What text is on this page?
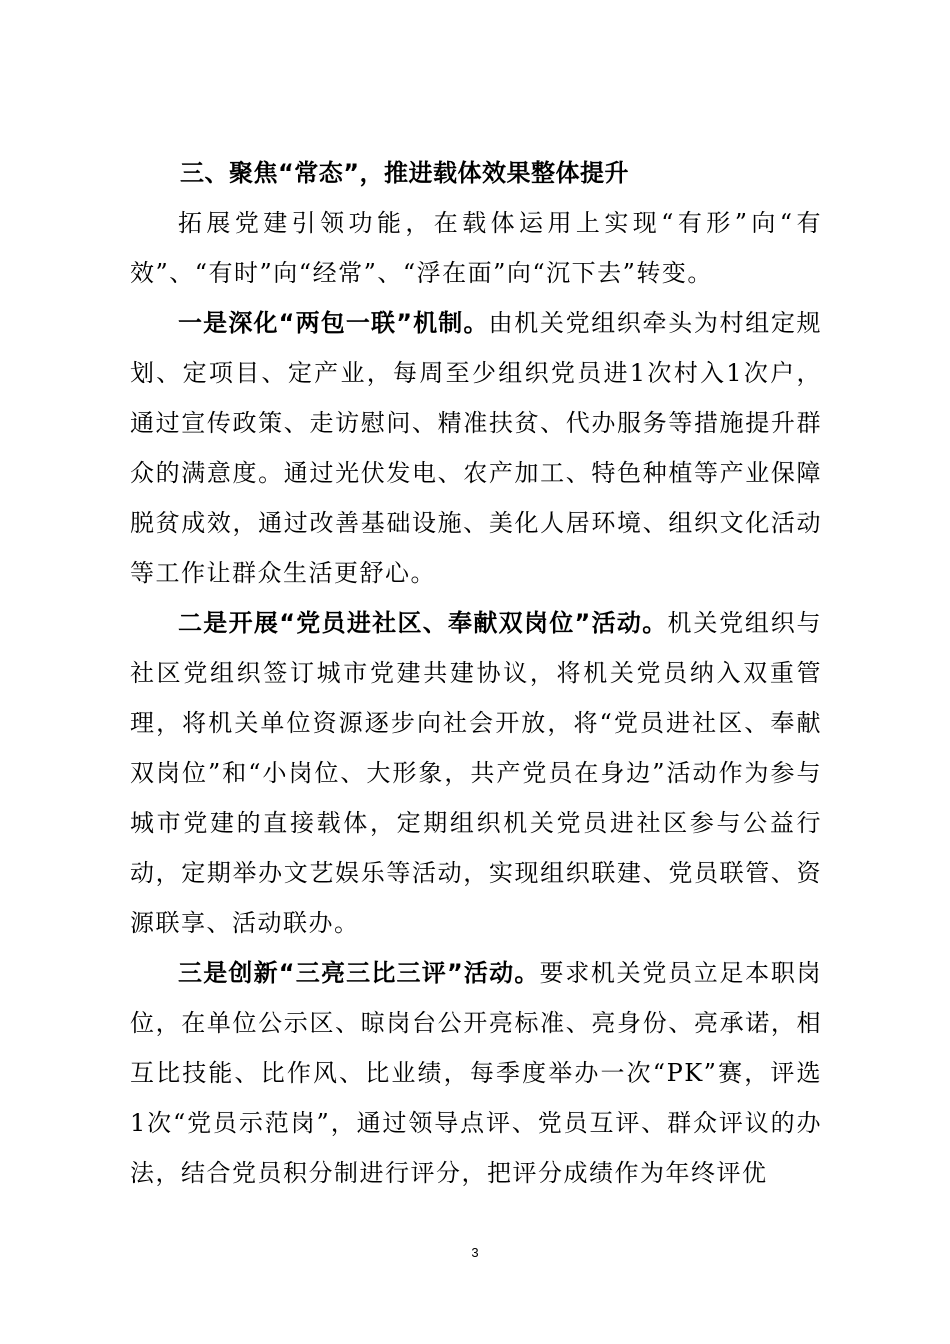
三、聚焦“常态”，推进载体效果整体提升

拓展党建引领功能，在载体运用上实现“有形”向“有效”、“有时”向“经常”、“浮在面”向“沉下去”转变。

一是深化“两包一联”机制。由机关党组织牵头为村组定规划、定项目、定产业，每周至少组织党员进1次村入1次户，通过宣传政策、走访慰问、精准扶贫、代办服务等措施提升群众的满意度。通过光伏发电、农产加工、特色种植等产业保障脱贫成效，通过改善基础设施、美化人居环境、组织文化活动等工作让群众生活更舒心。

二是开展“党员进社区、奉献双岗位”活动。机关党组织与社区党组织签订城市党建共建协议，将机关党员纳入双重管理，将机关单位资源逐步向社会开放，将“党员进社区、奉献双岗位”和“小岗位、大形象，共产党员在身边”活动作为参与城市党建的直接载体，定期组织机关党员进社区参与公益行动，定期举办文艺娱乐等活动，实现组织联建、党员联管、资源联享、活动联办。

三是创新“三亮三比三评”活动。要求机关党员立足本职岗位，在单位公示区、晾岗台公开亮标准、亮身份、亮承诺，相互比技能、比作风、比业绩，每季度举办一次“PK”赛，评选1次“党员示范岗”，通过领导点评、党员互评、群众评议的办法，结合党员积分制进行评分，把评分成绩作为年终评优

3
